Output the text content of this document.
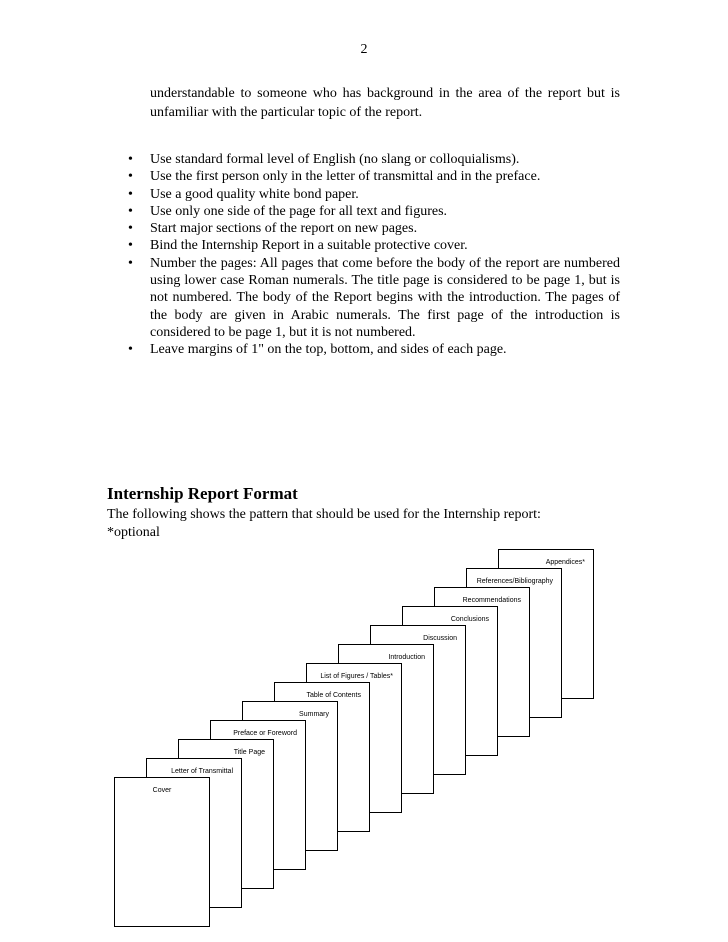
2
understandable to someone who has background in the area of the report but is unfamiliar with the particular topic of the report.
• Use standard formal level of English (no slang or colloquialisms).
• Use the first person only in the letter of transmittal and in the preface.
• Use a good quality white bond paper.
• Use only one side of the page for all text and figures.
• Start major sections of the report on new pages.
• Bind the Internship Report in a suitable protective cover.
• Number the pages: All pages that come before the body of the report are numbered using lower case Roman numerals. The title page is considered to be page 1, but is not numbered. The body of the Report begins with the introduction. The pages of the body are given in Arabic numerals. The first page of the introduction is considered to be page 1, but it is not numbered.
• Leave margins of 1" on the top, bottom, and sides of each page.
Internship Report Format
The following shows the pattern that should be used for the Internship report:
*optional
Appendices*
References/Bibliography
Recommendations
Conclusions
Discussion
Introduction
List of Figures / Tables*
Table of Contents
Summary
Preface or Foreword
Title Page
Letter of Transmittal
Cover
